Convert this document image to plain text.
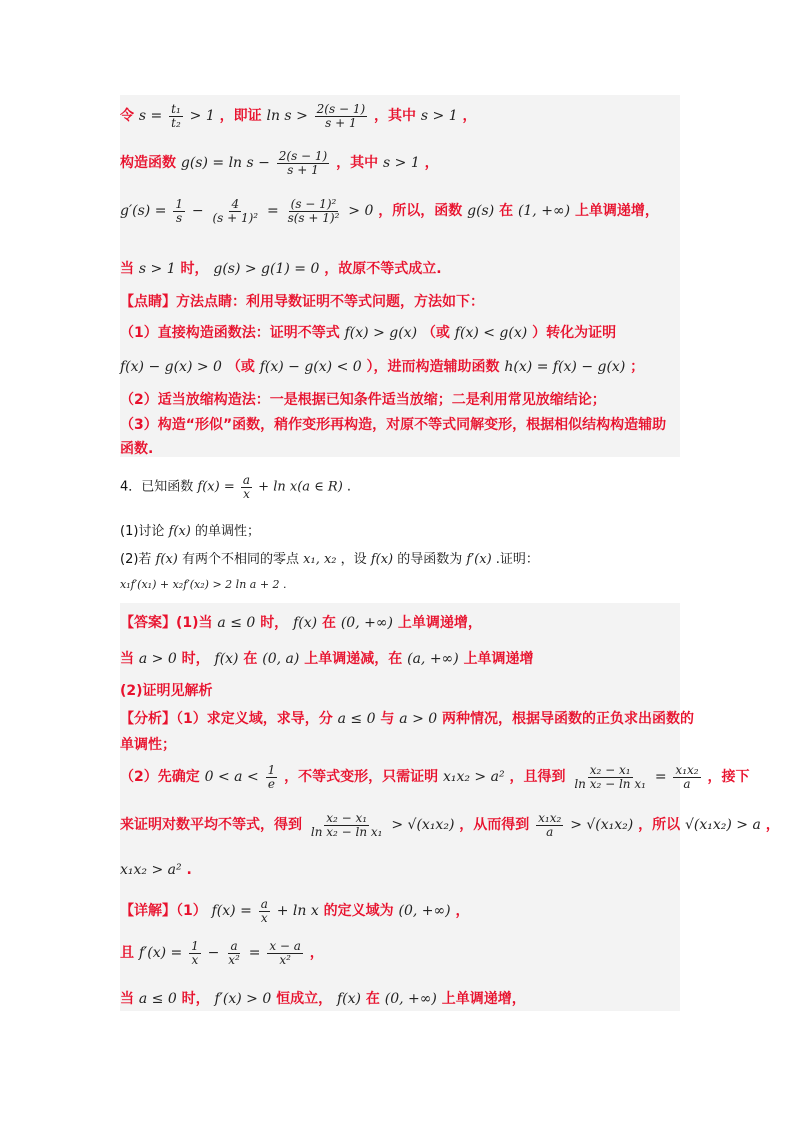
令 $s = \frac{\text{t₁}}{\text{t₂}} > 1$ ，即证 $\ln s > \frac{2(s - 1)}{s + 1}$ ，其中 s > 1 ，
构造函数 $g(s) = \ln s - \frac{2(s - 1)}{s + 1}$ ，其中 s > 1 ，
$g'(s) = \frac{1}{s} - \frac{4}{\text{(s + 1)²}} = \frac{\text{(s − 1)²}}{\text{s(s + 1)²}} > 0$ ，所以，函数 g(s) 在 (1, +∞) 上单调递增，
当 s > 1 时， g(s) > g(1) = 0 ，故原不等式成立.
【点睛】方法点睛：利用导数证明不等式问题，方法如下：
（1）直接构造函数法：证明不等式 f(x) > g(x) （或 f(x) < g(x) ）转化为证明
f(x) − g(x) > 0 （或 f(x) − g(x) < 0 ），进而构造辅助函数 h(x) = f(x) − g(x) ；
（2）适当放缩构造法：一是根据已知条件适当放缩；二是利用常见放缩结论；
（3）构造“形似”函数，稍作变形再构造，对原不等式同解变形，根据相似结构构造辅助
函数.
4．已知函数 $f(x) = \frac{a}{x} + \ln x(a$ ∈ R) .
(1)讨论 f(x) 的单调性；
(2)若 f(x) 有两个不相同的零点 x₁, x₂ ，设 f(x) 的导函数为 f′(x) .证明：
x₁f′(x₁) + x₂f′(x₂) > 2 ln a + 2 .
【答案】(1)当 a ≤ 0 时， f(x) 在 (0, +∞) 上单调递增，
当 a > 0 时， f(x) 在 (0, a) 上单调递减，在 (a, +∞) 上单调递增
(2)证明见解析
【分析】（1）求定义域，求导，分 a ≤ 0 与 a > 0 两种情况，根据导函数的正负求出函数的
单调性；
（2）先确定 $0 < a < \frac{1}{e}$ ，不等式变形，只需证明 x₁x₂ > a² ，且得到 $\frac{\text{x₂ − x₁}}{\text{ln x₂ − ln x₁}} = \frac{\text{x₁x₂}}{a}$ ，接下
来证明对数平均不等式，得到 $\frac{\text{x₂ − x₁}}{\text{ln x₂ − ln x₁}} > √(x_1x_2)$ ，从而得到 $\frac{\text{x₁x₂}}{a} > √(x_1x_2)$ ，所以 √(x₁x₂) > a ，
x₁x₂ > a² .
【详解】（1） $f(x) = \frac{a}{x} + \ln x$ 的定义域为 (0, +∞) ，
且 $f'(x) = \frac{1}{x} - \frac{a}{\text{x²}} = \frac{x - a}{\text{x²}}$ ，
当 a ≤ 0 时， f′(x) > 0 恒成立， f(x) 在 (0, +∞) 上单调递增，
